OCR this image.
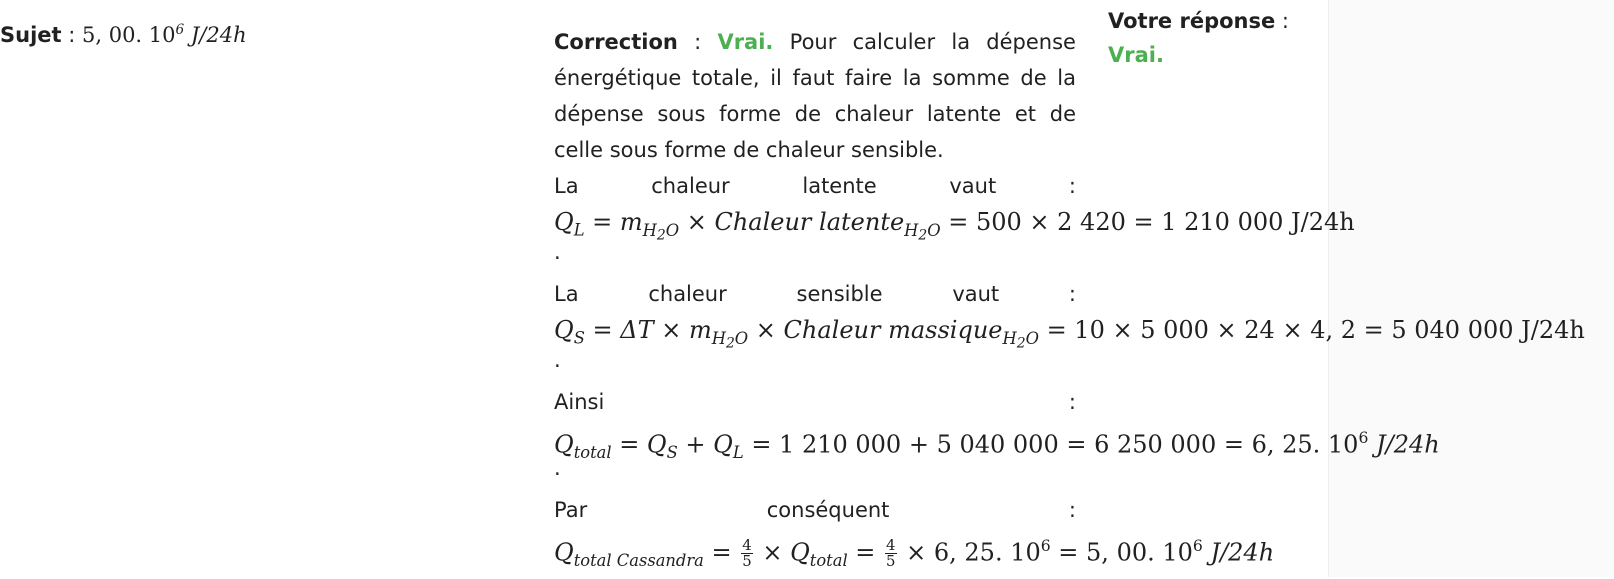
Sujet : 5, 00. $10^6$ J/24h	Correction : Vrai. Pour calculer la dépense énergétique totale, il faut faire la somme de la dépense sous forme de chaleur latente et de celle sous forme de chaleur sensible.
La chaleur latente vaut :
$Q_L = m_{H_2O}$ × Chaleur latente$_{H_2O}$ = 500 × 2 420 = 1 210 000 J/24h
.
La chaleur sensible vaut :
$Q_S = \Delta T \times m_{H_2O}$ × Chaleur massique$_{H_2O}$ = 10 × 5 000 × 24 × 4, 2 = 5 040 000 J/24h
.
Ainsi :
$Q_{total} = Q_S + Q_L = 1$ 210 000 + 5 040 000 = 6 250 000 = 6, 25. $10^6$ J/24h
.
Par conséquent :
$Q_{total Cassandra} = \frac{4}{5} \times Q_{total} = \frac{4}{5} \times 6$, 25. $10^6 = 5$, 00. $10^6$ J/24h
Votre réponse :
Vrai.
